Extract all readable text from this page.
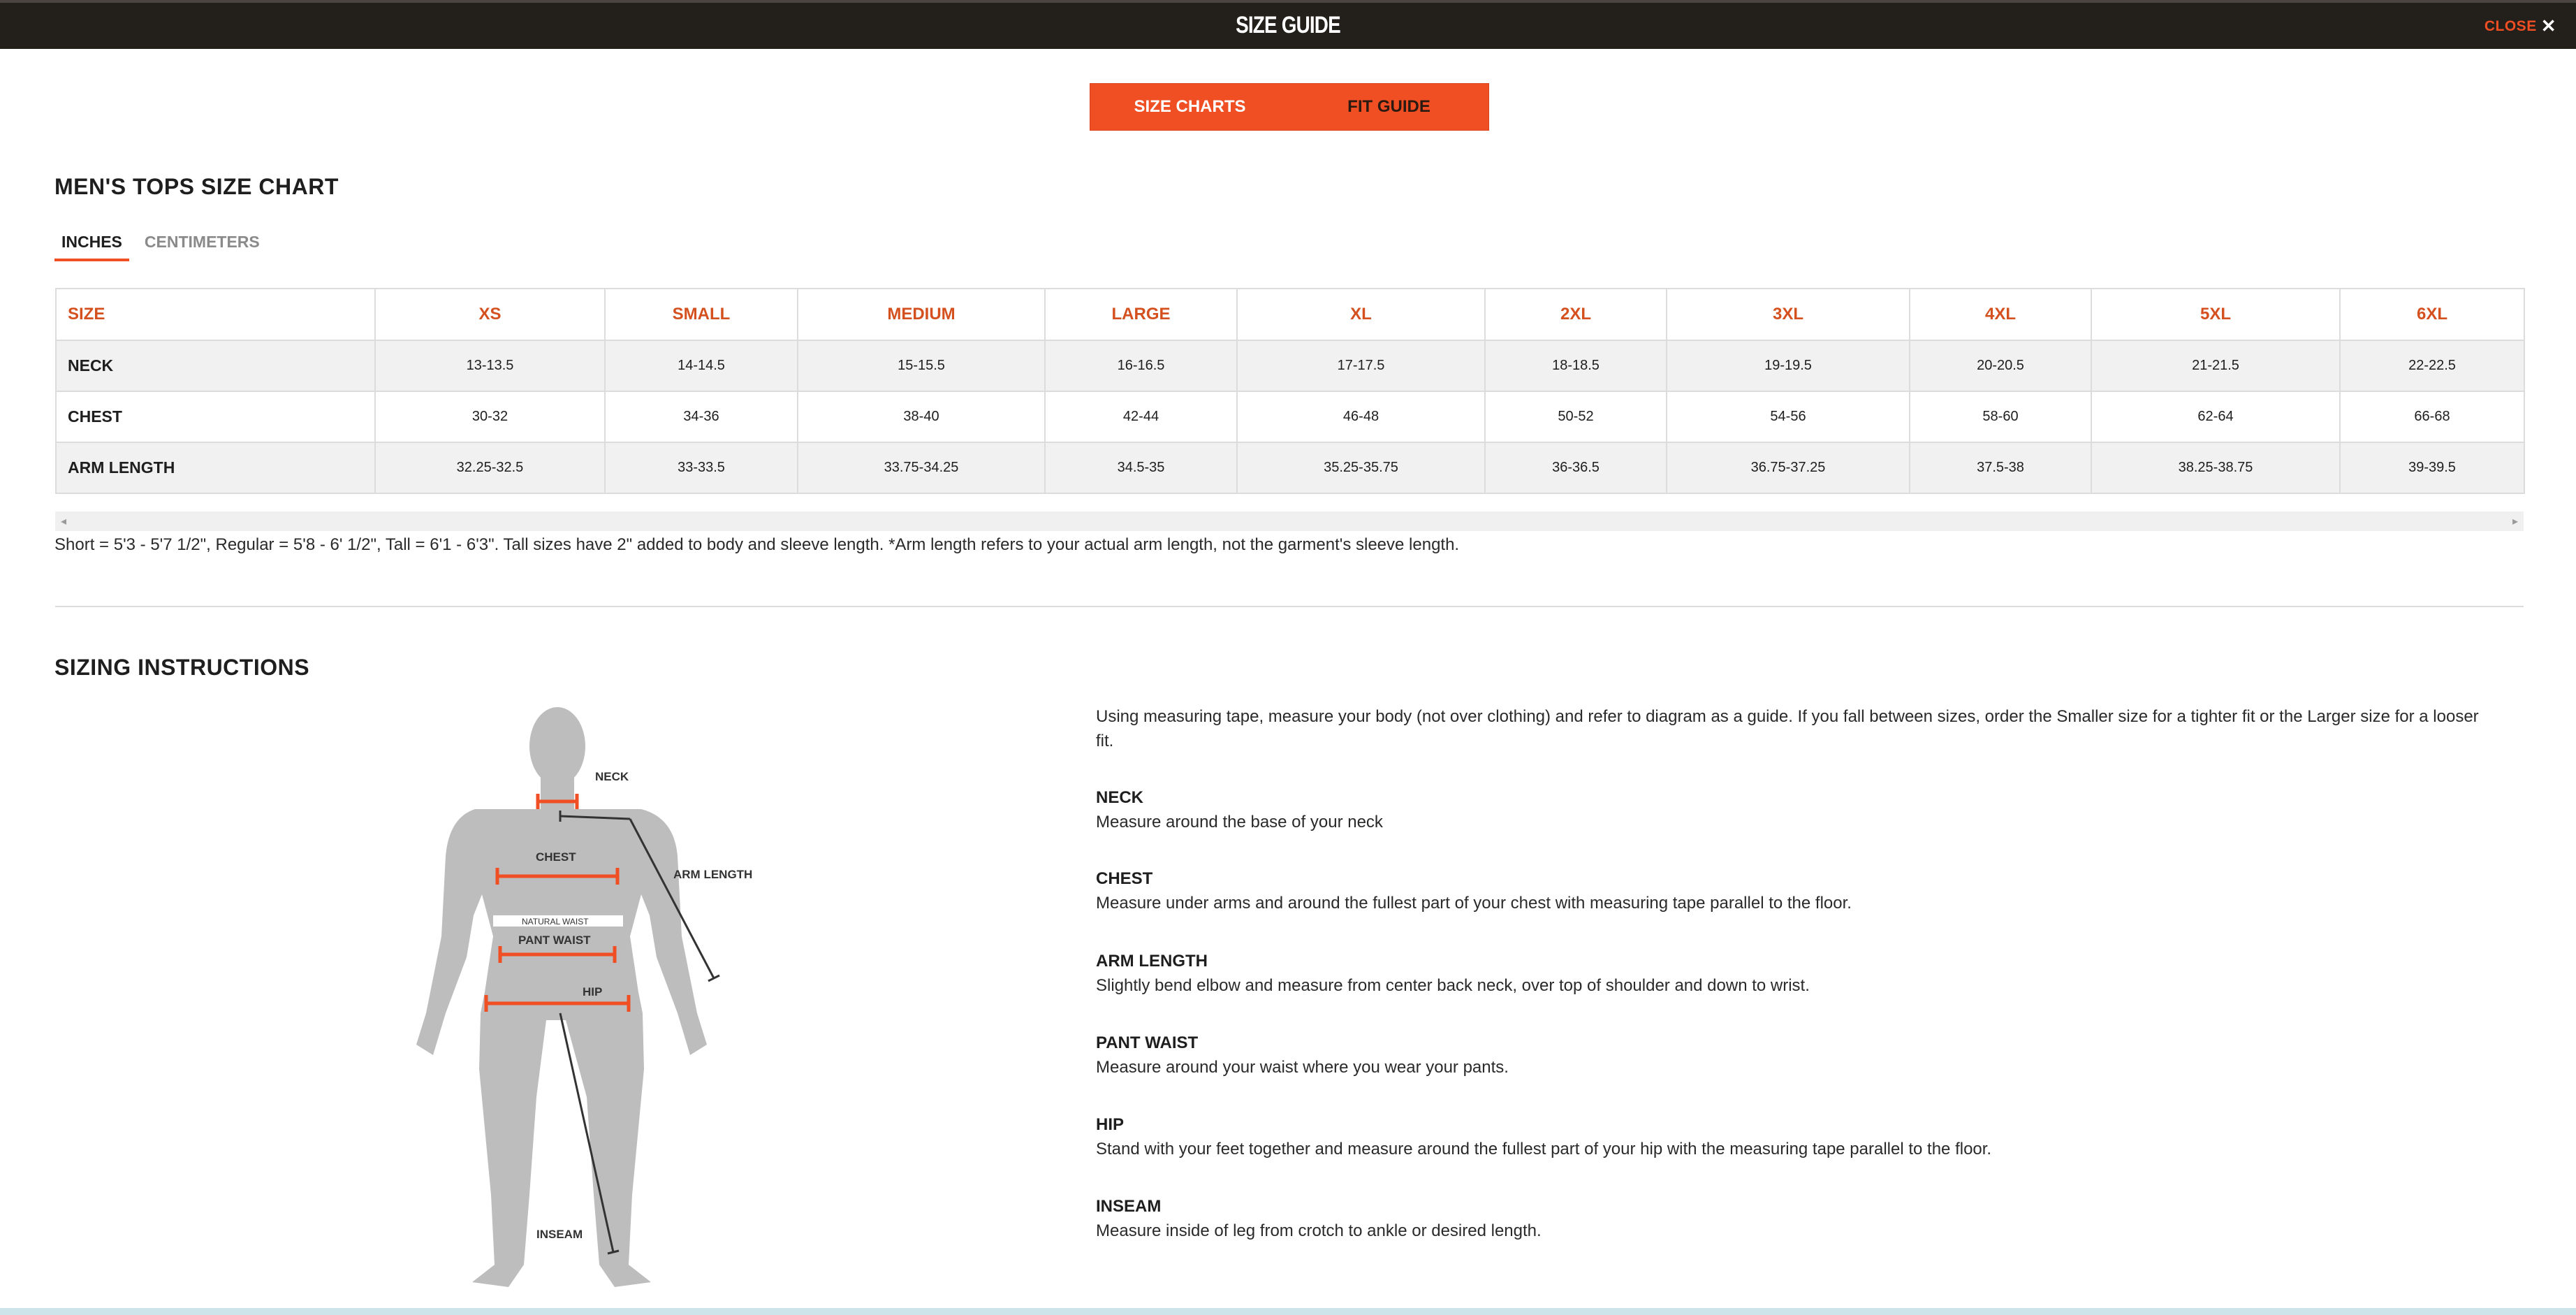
SIZE GUIDE	CLOSE ✕
SIZE CHARTS	FIT GUIDE
MEN'S TOPS SIZE CHART
INCHES	CENTIMETERS
SIZE	XS	SMALL	MEDIUM	LARGE	XL	2XL	3XL	4XL	5XL	6XL
NECK	13-13.5	14-14.5	15-15.5	16-16.5	17-17.5	18-18.5	19-19.5	20-20.5	21-21.5	22-22.5
CHEST	30-32	34-36	38-40	42-44	46-48	50-52	54-56	58-60	62-64	66-68
ARM LENGTH	32.25-32.5	33-33.5	33.75-34.25	34.5-35	35.25-35.75	36-36.5	36.75-37.25	37.5-38	38.25-38.75	39-39.5
◂	▸
Short = 5'3 - 5'7 1/2", Regular = 5'8 - 6' 1/2", Tall = 6'1 - 6'3". Tall sizes have 2" added to body and sleeve length. *Arm length refers to your actual arm length, not the garment's sleeve length.
SIZING INSTRUCTIONS
NECK
ARM LENGTH
CHEST
NATURAL WAIST
PANT WAIST
HIP
INSEAM
Using measuring tape, measure your body (not over clothing) and refer to diagram as a guide. If you fall between sizes, order the Smaller size for a tighter fit or the Larger size for a looser fit.
NECK
Measure around the base of your neck
CHEST
Measure under arms and around the fullest part of your chest with measuring tape parallel to the floor.
ARM LENGTH
Slightly bend elbow and measure from center back neck, over top of shoulder and down to wrist.
PANT WAIST
Measure around your waist where you wear your pants.
HIP
Stand with your feet together and measure around the fullest part of your hip with the measuring tape parallel to the floor.
INSEAM
Measure inside of leg from crotch to ankle or desired length.
